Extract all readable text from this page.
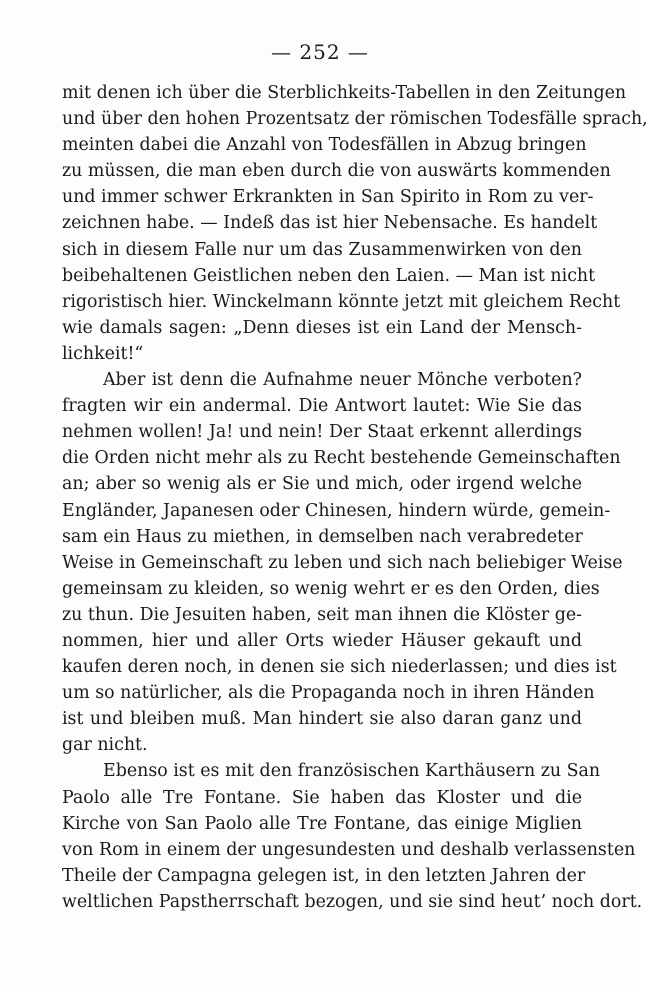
— 252 —
mit denen ich über die Sterblichkeits-Tabellen in den Zeitungen
und über den hohen Prozentsatz der römischen Todesfälle sprach,
meinten dabei die Anzahl von Todesfällen in Abzug bringen
zu müssen, die man eben durch die von auswärts kommenden
und immer schwer Erkrankten in San Spirito in Rom zu ver-
zeichnen habe. — Indeß das ist hier Nebensache. Es handelt
sich in diesem Falle nur um das Zusammenwirken von den
beibehaltenen Geistlichen neben den Laien. — Man ist nicht
rigoristisch hier. Winckelmann könnte jetzt mit gleichem Recht
wie damals sagen: „Denn dieses ist ein Land der Mensch-
lichkeit!“
Aber ist denn die Aufnahme neuer Mönche verboten?
fragten wir ein andermal. Die Antwort lautet: Wie Sie das
nehmen wollen! Ja! und nein! Der Staat erkennt allerdings
die Orden nicht mehr als zu Recht bestehende Gemeinschaften
an; aber so wenig als er Sie und mich, oder irgend welche
Engländer, Japanesen oder Chinesen, hindern würde, gemein-
sam ein Haus zu miethen, in demselben nach verabredeter
Weise in Gemeinschaft zu leben und sich nach beliebiger Weise
gemeinsam zu kleiden, so wenig wehrt er es den Orden, dies
zu thun. Die Jesuiten haben, seit man ihnen die Klöster ge-
nommen, hier und aller Orts wieder Häuser gekauft und
kaufen deren noch, in denen sie sich niederlassen; und dies ist
um so natürlicher, als die Propaganda noch in ihren Händen
ist und bleiben muß. Man hindert sie also daran ganz und
gar nicht.
Ebenso ist es mit den französischen Karthäusern zu San
Paolo alle Tre Fontane. Sie haben das Kloster und die
Kirche von San Paolo alle Tre Fontane, das einige Miglien
von Rom in einem der ungesundesten und deshalb verlassensten
Theile der Campagna gelegen ist, in den letzten Jahren der
weltlichen Papstherrschaft bezogen, und sie sind heut’ noch dort.
